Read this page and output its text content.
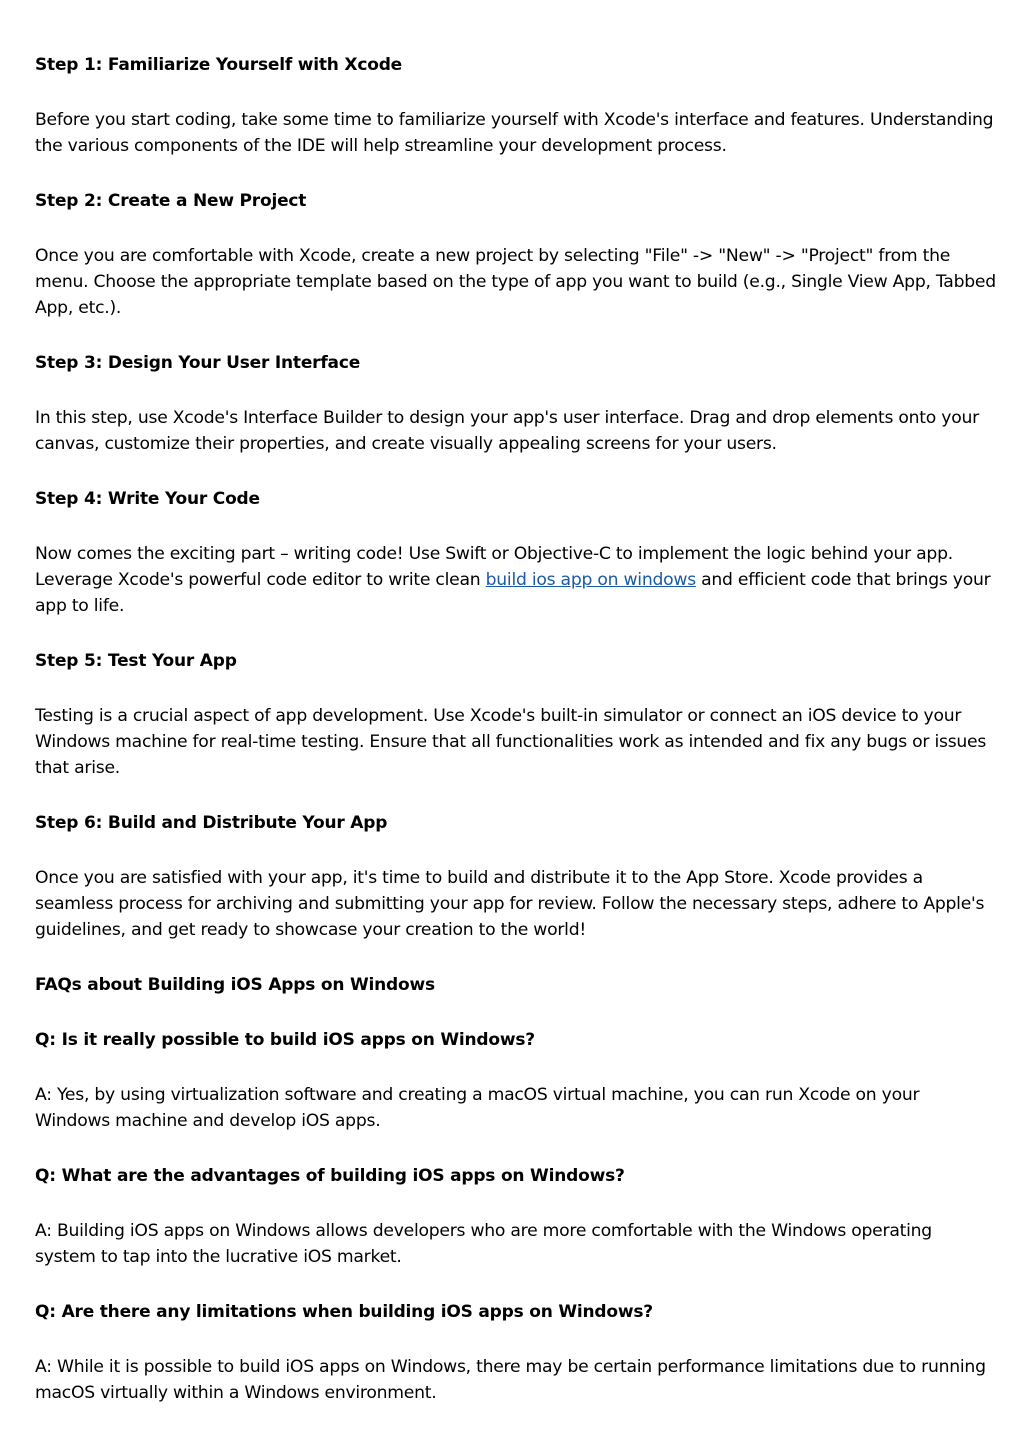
Step 1: Familiarize Yourself with Xcode
Before you start coding, take some time to familiarize yourself with Xcode's interface and features. Understanding the various components of the IDE will help streamline your development process.
Step 2: Create a New Project
Once you are comfortable with Xcode, create a new project by selecting "File" -> "New" -> "Project" from the menu. Choose the appropriate template based on the type of app you want to build (e.g., Single View App, Tabbed App, etc.).
Step 3: Design Your User Interface
In this step, use Xcode's Interface Builder to design your app's user interface. Drag and drop elements onto your canvas, customize their properties, and create visually appealing screens for your users.
Step 4: Write Your Code
Now comes the exciting part – writing code! Use Swift or Objective-C to implement the logic behind your app. Leverage Xcode's powerful code editor to write clean build ios app on windows and efficient code that brings your app to life.
Step 5: Test Your App
Testing is a crucial aspect of app development. Use Xcode's built-in simulator or connect an iOS device to your Windows machine for real-time testing. Ensure that all functionalities work as intended and fix any bugs or issues that arise.
Step 6: Build and Distribute Your App
Once you are satisfied with your app, it's time to build and distribute it to the App Store. Xcode provides a seamless process for archiving and submitting your app for review. Follow the necessary steps, adhere to Apple's guidelines, and get ready to showcase your creation to the world!
FAQs about Building iOS Apps on Windows
Q: Is it really possible to build iOS apps on Windows?
A: Yes, by using virtualization software and creating a macOS virtual machine, you can run Xcode on your Windows machine and develop iOS apps.
Q: What are the advantages of building iOS apps on Windows?
A: Building iOS apps on Windows allows developers who are more comfortable with the Windows operating system to tap into the lucrative iOS market.
Q: Are there any limitations when building iOS apps on Windows?
A: While it is possible to build iOS apps on Windows, there may be certain performance limitations due to running macOS virtually within a Windows environment.
